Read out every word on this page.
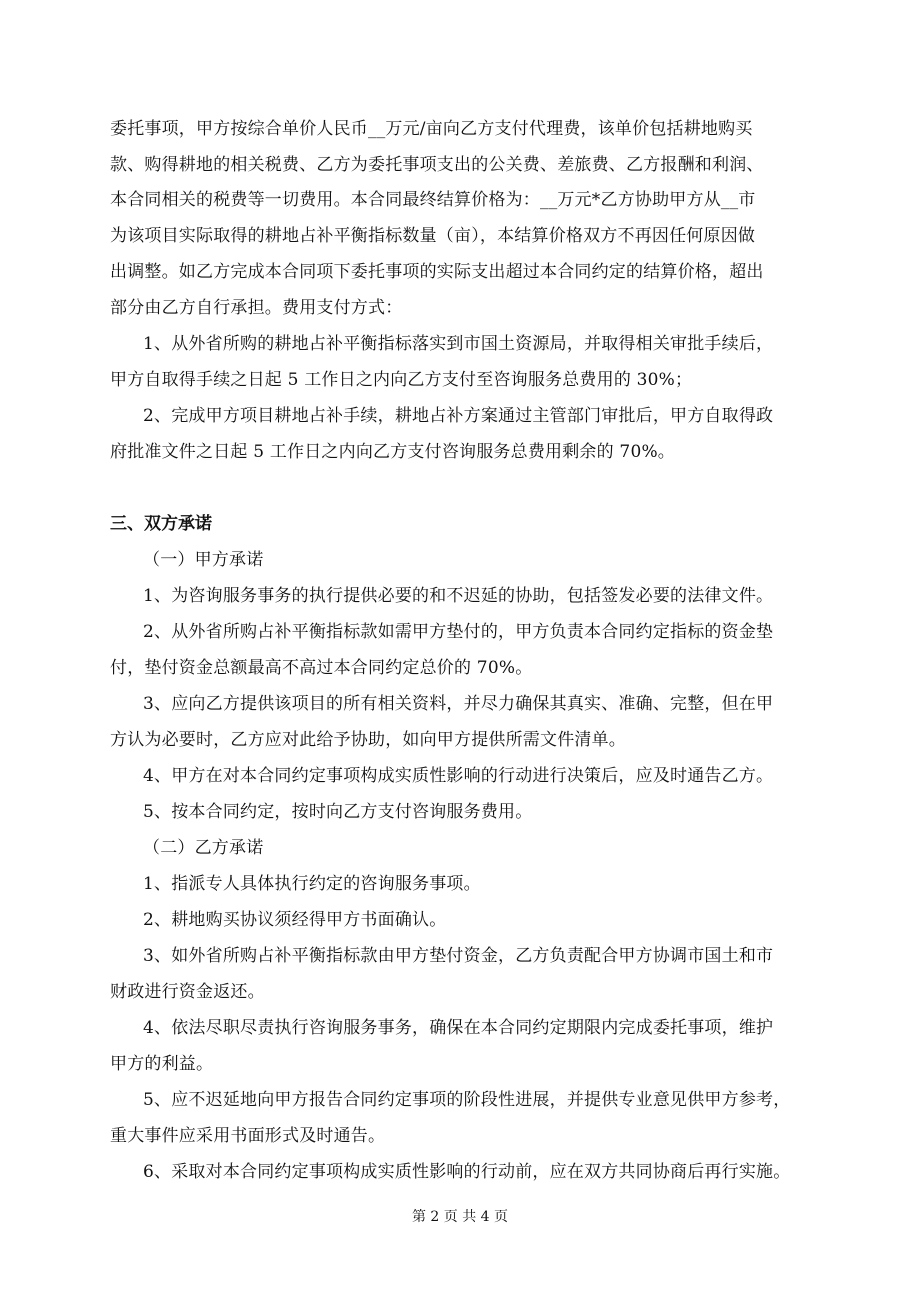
委托事项，甲方按综合单价人民币__万元/亩向乙方支付代理费，该单价包括耕地购买
款、购得耕地的相关税费、乙方为委托事项支出的公关费、差旅费、乙方报酬和利润、
本合同相关的税费等一切费用。本合同最终结算价格为：__万元*乙方协助甲方从__市
为该项目实际取得的耕地占补平衡指标数量（亩），本结算价格双方不再因任何原因做
出调整。如乙方完成本合同项下委托事项的实际支出超过本合同约定的结算价格，超出
部分由乙方自行承担。费用支付方式：
1、从外省所购的耕地占补平衡指标落实到市国土资源局，并取得相关审批手续后，
甲方自取得手续之日起 5 工作日之内向乙方支付至咨询服务总费用的 30%；
2、完成甲方项目耕地占补手续，耕地占补方案通过主管部门审批后，甲方自取得政
府批准文件之日起 5 工作日之内向乙方支付咨询服务总费用剩余的 70%。
三、双方承诺
（一）甲方承诺
1、为咨询服务事务的执行提供必要的和不迟延的协助，包括签发必要的法律文件。
2、从外省所购占补平衡指标款如需甲方垫付的，甲方负责本合同约定指标的资金垫
付，垫付资金总额最高不高过本合同约定总价的 70%。
3、应向乙方提供该项目的所有相关资料，并尽力确保其真实、准确、完整，但在甲
方认为必要时，乙方应对此给予协助，如向甲方提供所需文件清单。
4、甲方在对本合同约定事项构成实质性影响的行动进行决策后，应及时通告乙方。
5、按本合同约定，按时向乙方支付咨询服务费用。
（二）乙方承诺
1、指派专人具体执行约定的咨询服务事项。
2、耕地购买协议须经得甲方书面确认。
3、如外省所购占补平衡指标款由甲方垫付资金，乙方负责配合甲方协调市国土和市
财政进行资金返还。
4、依法尽职尽责执行咨询服务事务，确保在本合同约定期限内完成委托事项，维护
甲方的利益。
5、应不迟延地向甲方报告合同约定事项的阶段性进展，并提供专业意见供甲方参考，
重大事件应采用书面形式及时通告。
6、采取对本合同约定事项构成实质性影响的行动前，应在双方共同协商后再行实施。
第 2 页 共 4 页
